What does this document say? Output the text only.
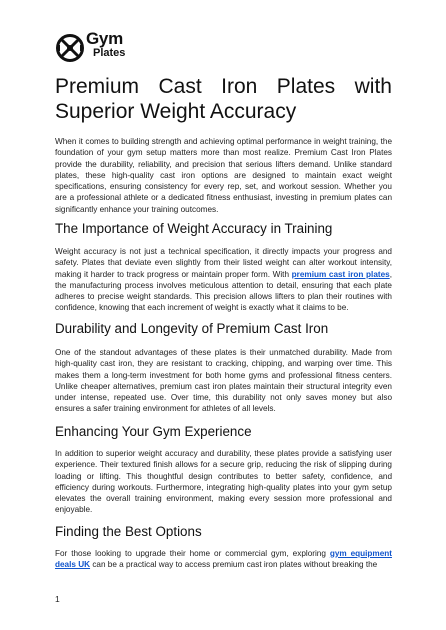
Gym
Plates
Premium Cast Iron Plates with
Superior Weight Accuracy

When it comes to building strength and achieving optimal performance in weight training, the foundation of your gym setup matters more than most realize. Premium Cast Iron Plates provide the durability, reliability, and precision that serious lifters demand. Unlike standard plates, these high-quality cast iron options are designed to maintain exact weight specifications, ensuring consistency for every rep, set, and workout session. Whether you are a professional athlete or a dedicated fitness enthusiast, investing in premium plates can significantly enhance your training outcomes.

The Importance of Weight Accuracy in Training

Weight accuracy is not just a technical specification, it directly impacts your progress and safety. Plates that deviate even slightly from their listed weight can alter workout intensity, making it harder to track progress or maintain proper form. With premium cast iron plates, the manufacturing process involves meticulous attention to detail, ensuring that each plate adheres to precise weight standards. This precision allows lifters to plan their routines with confidence, knowing that each increment of weight is exactly what it claims to be.

Durability and Longevity of Premium Cast Iron

One of the standout advantages of these plates is their unmatched durability. Made from high-quality cast iron, they are resistant to cracking, chipping, and warping over time. This makes them a long-term investment for both home gyms and professional fitness centers. Unlike cheaper alternatives, premium cast iron plates maintain their structural integrity even under intense, repeated use. Over time, this durability not only saves money but also ensures a safer training environment for athletes of all levels.

Enhancing Your Gym Experience

In addition to superior weight accuracy and durability, these plates provide a satisfying user experience. Their textured finish allows for a secure grip, reducing the risk of slipping during loading or lifting. This thoughtful design contributes to better safety, confidence, and efficiency during workouts. Furthermore, integrating high-quality plates into your gym setup elevates the overall training environment, making every session more professional and enjoyable.

Finding the Best Options

For those looking to upgrade their home or commercial gym, exploring gym equipment deals UK can be a practical way to access premium cast iron plates without breaking the

1
